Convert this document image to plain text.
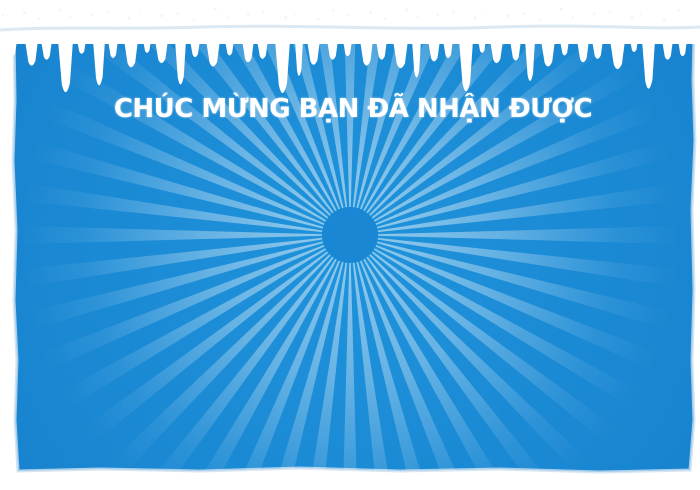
CHÚC MỪNG BẠN ĐÃ NHẬN ĐƯỢC
